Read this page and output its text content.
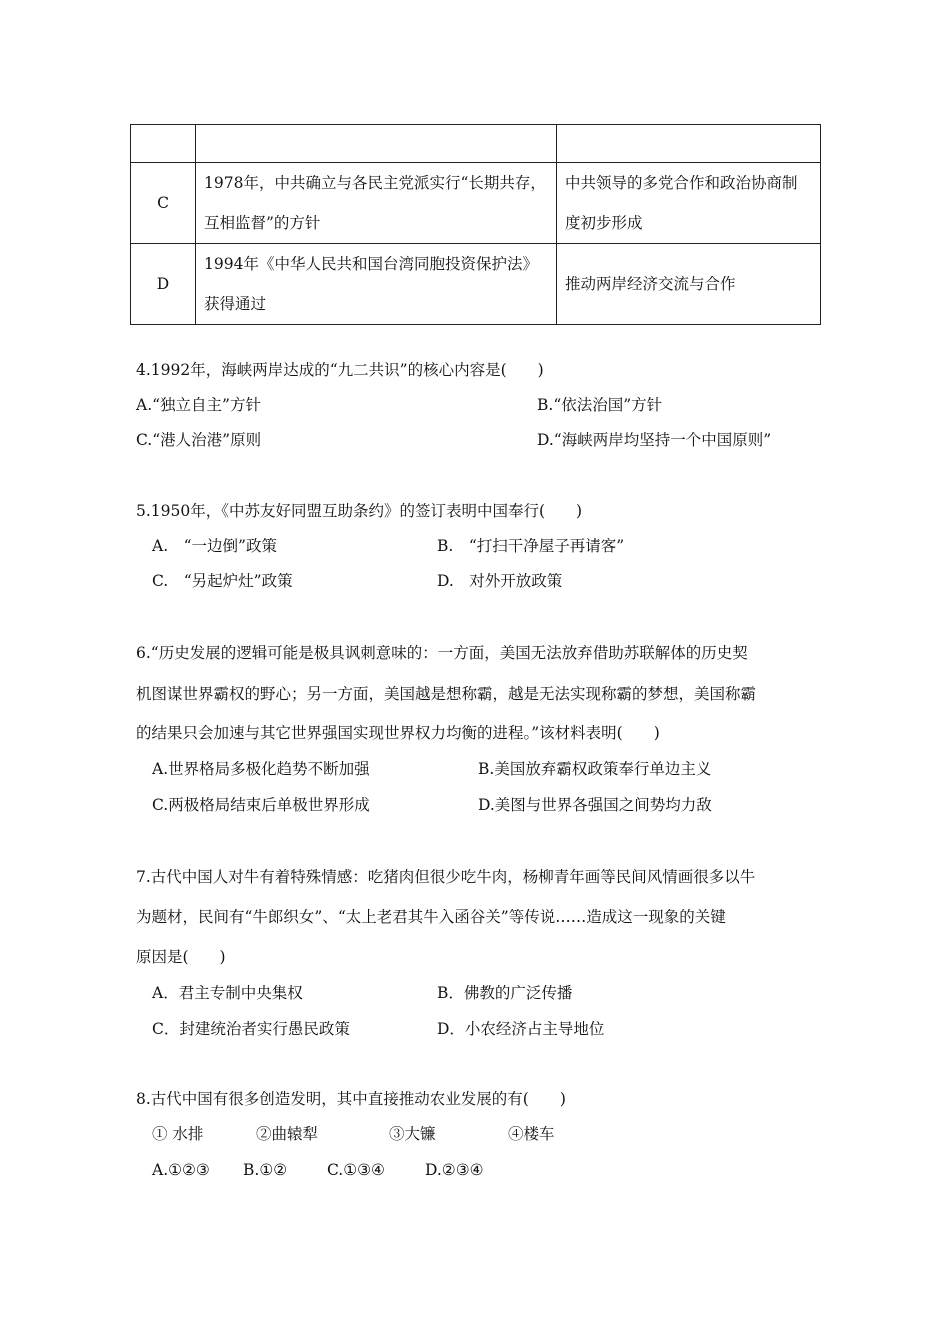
C	1978年，中共确立与各民主党派实行“长期共存，互相监督”的方针	中共领导的多党合作和政治协商制度初步形成
D	1994年《中华人民共和国台湾同胞投资保护法》获得通过	推动两岸经济交流与合作
4.1992年，海峡两岸达成的“九二共识”的核心内容是(　　)
A.“独立自主”方针	B.“依法治国”方针
C.“港人治港”原则	D.“海峡两岸均坚持一个中国原则”
5.1950年，《中苏友好同盟互助条约》的签订表明中国奉行(　　)
A.　“一边倒”政策	B.　“打扫干净屋子再请客”
C.　“另起炉灶”政策	D.　对外开放政策
6.“历史发展的逻辑可能是极具讽刺意味的：一方面，美国无法放弃借助苏联解体的历史契
机图谋世界霸权的野心；另一方面，美国越是想称霸，越是无法实现称霸的梦想，美国称霸
的结果只会加速与其它世界强国实现世界权力均衡的进程。”该材料表明(　　)
A.世界格局多极化趋势不断加强	B.美国放弃霸权政策奉行单边主义
C.两极格局结束后单极世界形成	D.美图与世界各强国之间势均力敌
7.古代中国人对牛有着特殊情感：吃猪肉但很少吃牛肉，杨柳青年画等民间风情画很多以牛
为题材，民间有“牛郎织女”、“太上老君其牛入函谷关”等传说……造成这一现象的关键
原因是(　　)
A．君主专制中央集权	B．佛教的广泛传播
C．封建统治者实行愚民政策	D．小农经济占主导地位
8.古代中国有很多创造发明，其中直接推动农业发展的有(　　)
① 水排	②曲辕犁	③大镰	④楼车
A.①②③ B.①②	C.①③④	D.②③④
